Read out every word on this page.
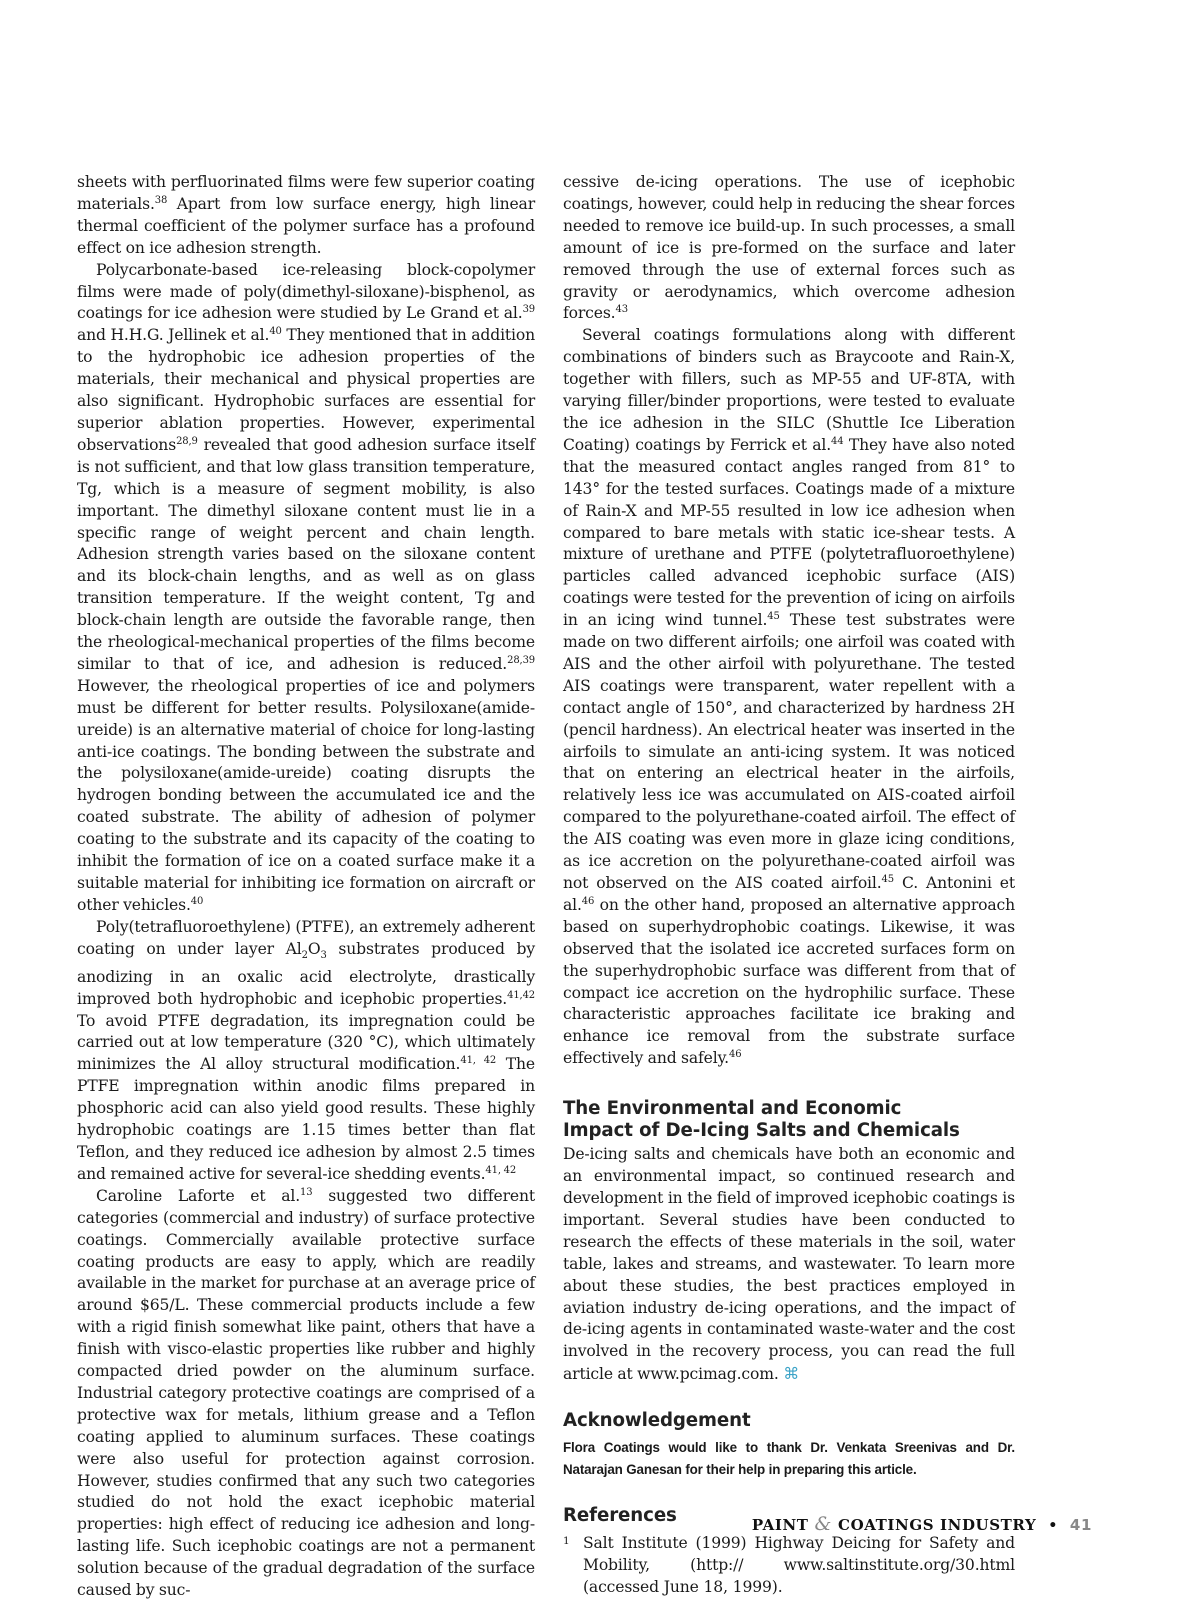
sheets with perfluorinated films were few superior coating materials.$^{38}$ Apart from low surface energy, high linear thermal coefficient of the polymer surface has a profound effect on ice adhesion strength.

Polycarbonate-based ice-releasing block-copolymer films were made of poly(dimethyl-siloxane)-bisphenol, as coatings for ice adhesion were studied by Le Grand et al.$^{39}$ and H.H.G. Jellinek et al.$^{40}$ They mentioned that in addition to the hydrophobic ice adhesion properties of the materials, their mechanical and physical properties are also significant. Hydrophobic surfaces are essential for superior ablation properties. However, experimental observations$^{28,9}$ revealed that good adhesion surface itself is not sufficient, and that low glass transition temperature, Tg, which is a measure of segment mobility, is also important. The dimethyl siloxane content must lie in a specific range of weight percent and chain length. Adhesion strength varies based on the siloxane content and its block-chain lengths, and as well as on glass transition temperature. If the weight content, Tg and block-chain length are outside the favorable range, then the rheological-mechanical properties of the films become similar to that of ice, and adhesion is reduced.$^{28,39}$ However, the rheological properties of ice and polymers must be different for better results. Polysiloxane(amide-ureide) is an alternative material of choice for long-lasting anti-ice coatings. The bonding between the substrate and the polysiloxane(amide-ureide) coating disrupts the hydrogen bonding between the accumulated ice and the coated substrate. The ability of adhesion of polymer coating to the substrate and its capacity of the coating to inhibit the formation of ice on a coated surface make it a suitable material for inhibiting ice formation on aircraft or other vehicles.$^{40}$

Poly(tetrafluoroethylene) (PTFE), an extremely adherent coating on under layer $Al_2O_3$ substrates produced by anodizing in an oxalic acid electrolyte, drastically improved both hydrophobic and icephobic properties.$^{41,42}$ To avoid PTFE degradation, its impregnation could be carried out at low temperature (320 °C), which ultimately minimizes the Al alloy structural modification.$^{41, 42}$ The PTFE impregnation within anodic films prepared in phosphoric acid can also yield good results. These highly hydrophobic coatings are 1.15 times better than flat Teflon, and they reduced ice adhesion by almost 2.5 times and remained active for several-ice shedding events.$^{41, 42}$

Caroline Laforte et al.$^{13}$ suggested two different categories (commercial and industry) of surface protective coatings. Commercially available protective surface coating products are easy to apply, which are readily available in the market for purchase at an average price of around $65/L. These commercial products include a few with a rigid finish somewhat like paint, others that have a finish with visco-elastic properties like rubber and highly compacted dried powder on the aluminum surface. Industrial category protective coatings are comprised of a protective wax for metals, lithium grease and a Teflon coating applied to aluminum surfaces. These coatings were also useful for protection against corrosion. However, studies confirmed that any such two categories studied do not hold the exact icephobic material properties: high effect of reducing ice adhesion and long-lasting life. Such icephobic coatings are not a permanent solution because of the gradual degradation of the surface caused by suc-

cessive de-icing operations. The use of icephobic coatings, however, could help in reducing the shear forces needed to remove ice build-up. In such processes, a small amount of ice is pre-formed on the surface and later removed through the use of external forces such as gravity or aerodynamics, which overcome adhesion forces.$^{43}$

Several coatings formulations along with different combinations of binders such as Braycoote and Rain-X, together with fillers, such as MP-55 and UF-8TA, with varying filler/binder proportions, were tested to evaluate the ice adhesion in the SILC (Shuttle Ice Liberation Coating) coatings by Ferrick et al.$^{44}$ They have also noted that the measured contact angles ranged from 81° to 143° for the tested surfaces. Coatings made of a mixture of Rain-X and MP-55 resulted in low ice adhesion when compared to bare metals with static ice-shear tests. A mixture of urethane and PTFE (polytetrafluoroethylene) particles called advanced icephobic surface (AIS) coatings were tested for the prevention of icing on airfoils in an icing wind tunnel.$^{45}$ These test substrates were made on two different airfoils; one airfoil was coated with AIS and the other airfoil with polyurethane. The tested AIS coatings were transparent, water repellent with a contact angle of 150°, and characterized by hardness 2H (pencil hardness). An electrical heater was inserted in the airfoils to simulate an anti-icing system. It was noticed that on entering an electrical heater in the airfoils, relatively less ice was accumulated on AIS-coated airfoil compared to the polyurethane-coated airfoil. The effect of the AIS coating was even more in glaze icing conditions, as ice accretion on the polyurethane-coated airfoil was not observed on the AIS coated airfoil.$^{45}$ C. Antonini et al.$^{46}$ on the other hand, proposed an alternative approach based on superhydrophobic coatings. Likewise, it was observed that the isolated ice accreted surfaces form on the superhydrophobic surface was different from that of compact ice accretion on the hydrophilic surface. These characteristic approaches facilitate ice braking and enhance ice removal from the substrate surface effectively and safely.$^{46}$

The Environmental and Economic
Impact of De-Icing Salts and Chemicals

De-icing salts and chemicals have both an economic and an environmental impact, so continued research and development in the field of improved icephobic coatings is important. Several studies have been conducted to research the effects of these materials in the soil, water table, lakes and streams, and wastewater. To learn more about these studies, the best practices employed in aviation industry de-icing operations, and the impact of de-icing agents in contaminated waste-water and the cost involved in the recovery process, you can read the full article at www.pcimag.com. ⌘

Acknowledgement

Flora Coatings would like to thank Dr. Venkata Sreenivas and Dr. Natarajan Ganesan for their help in preparing this article.

References
1 Salt Institute (1999) Highway Deicing for Safety and Mobility, (http:// www.saltinstitute.org/30.html (accessed June 18, 1999).
PAINT & COATINGS INDUSTRY • 41
